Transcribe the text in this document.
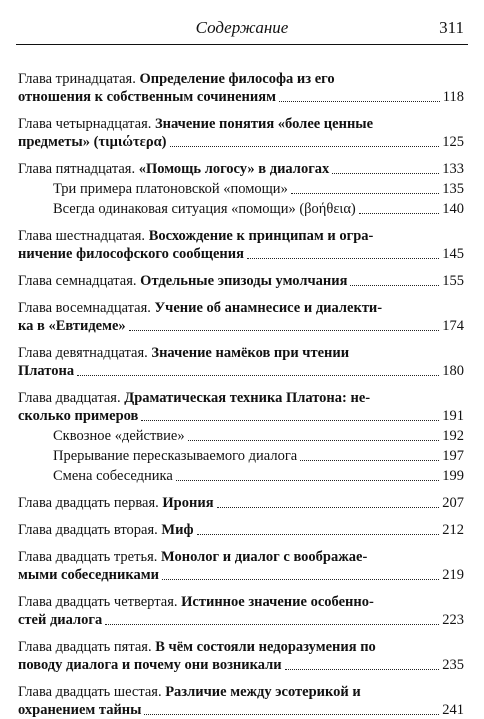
Содержание	311
Глава тринадцатая. Определение философа из его
отношения к собственным сочинениям	118
Глава четырнадцатая. Значение понятия «более ценные
предметы» (τιμιώτερα)	125
Глава пятнадцатая. «Помощь логосу» в диалогах	133
Три примера платоновской «помощи»	135
Всегда одинаковая ситуация «помощи» (βοήθεια)	140
Глава шестнадцатая. Восхождение к принципам и огра-
ничение философского сообщения	145
Глава семнадцатая. Отдельные эпизоды умолчания	155
Глава восемнадцатая. Учение об анамнесисе и диалекти-
ка в «Евтидеме»	174
Глава девятнадцатая. Значение намёков при чтении
Платона	180
Глава двадцатая. Драматическая техника Платона: не-
сколько примеров	191
Сквозное «действие»	192
Прерывание пересказываемого диалога	197
Смена собеседника	199
Глава двадцать первая. Ирония	207
Глава двадцать вторая. Миф	212
Глава двадцать третья. Монолог и диалог с воображае-
мыми собеседниками	219
Глава двадцать четвертая. Истинное значение особенно-
стей диалога	223
Глава двадцать пятая. В чём состояли недоразумения по
поводу диалога и почему они возникали	235
Глава двадцать шестая. Различие между эсотерикой и
охранением тайны	241
